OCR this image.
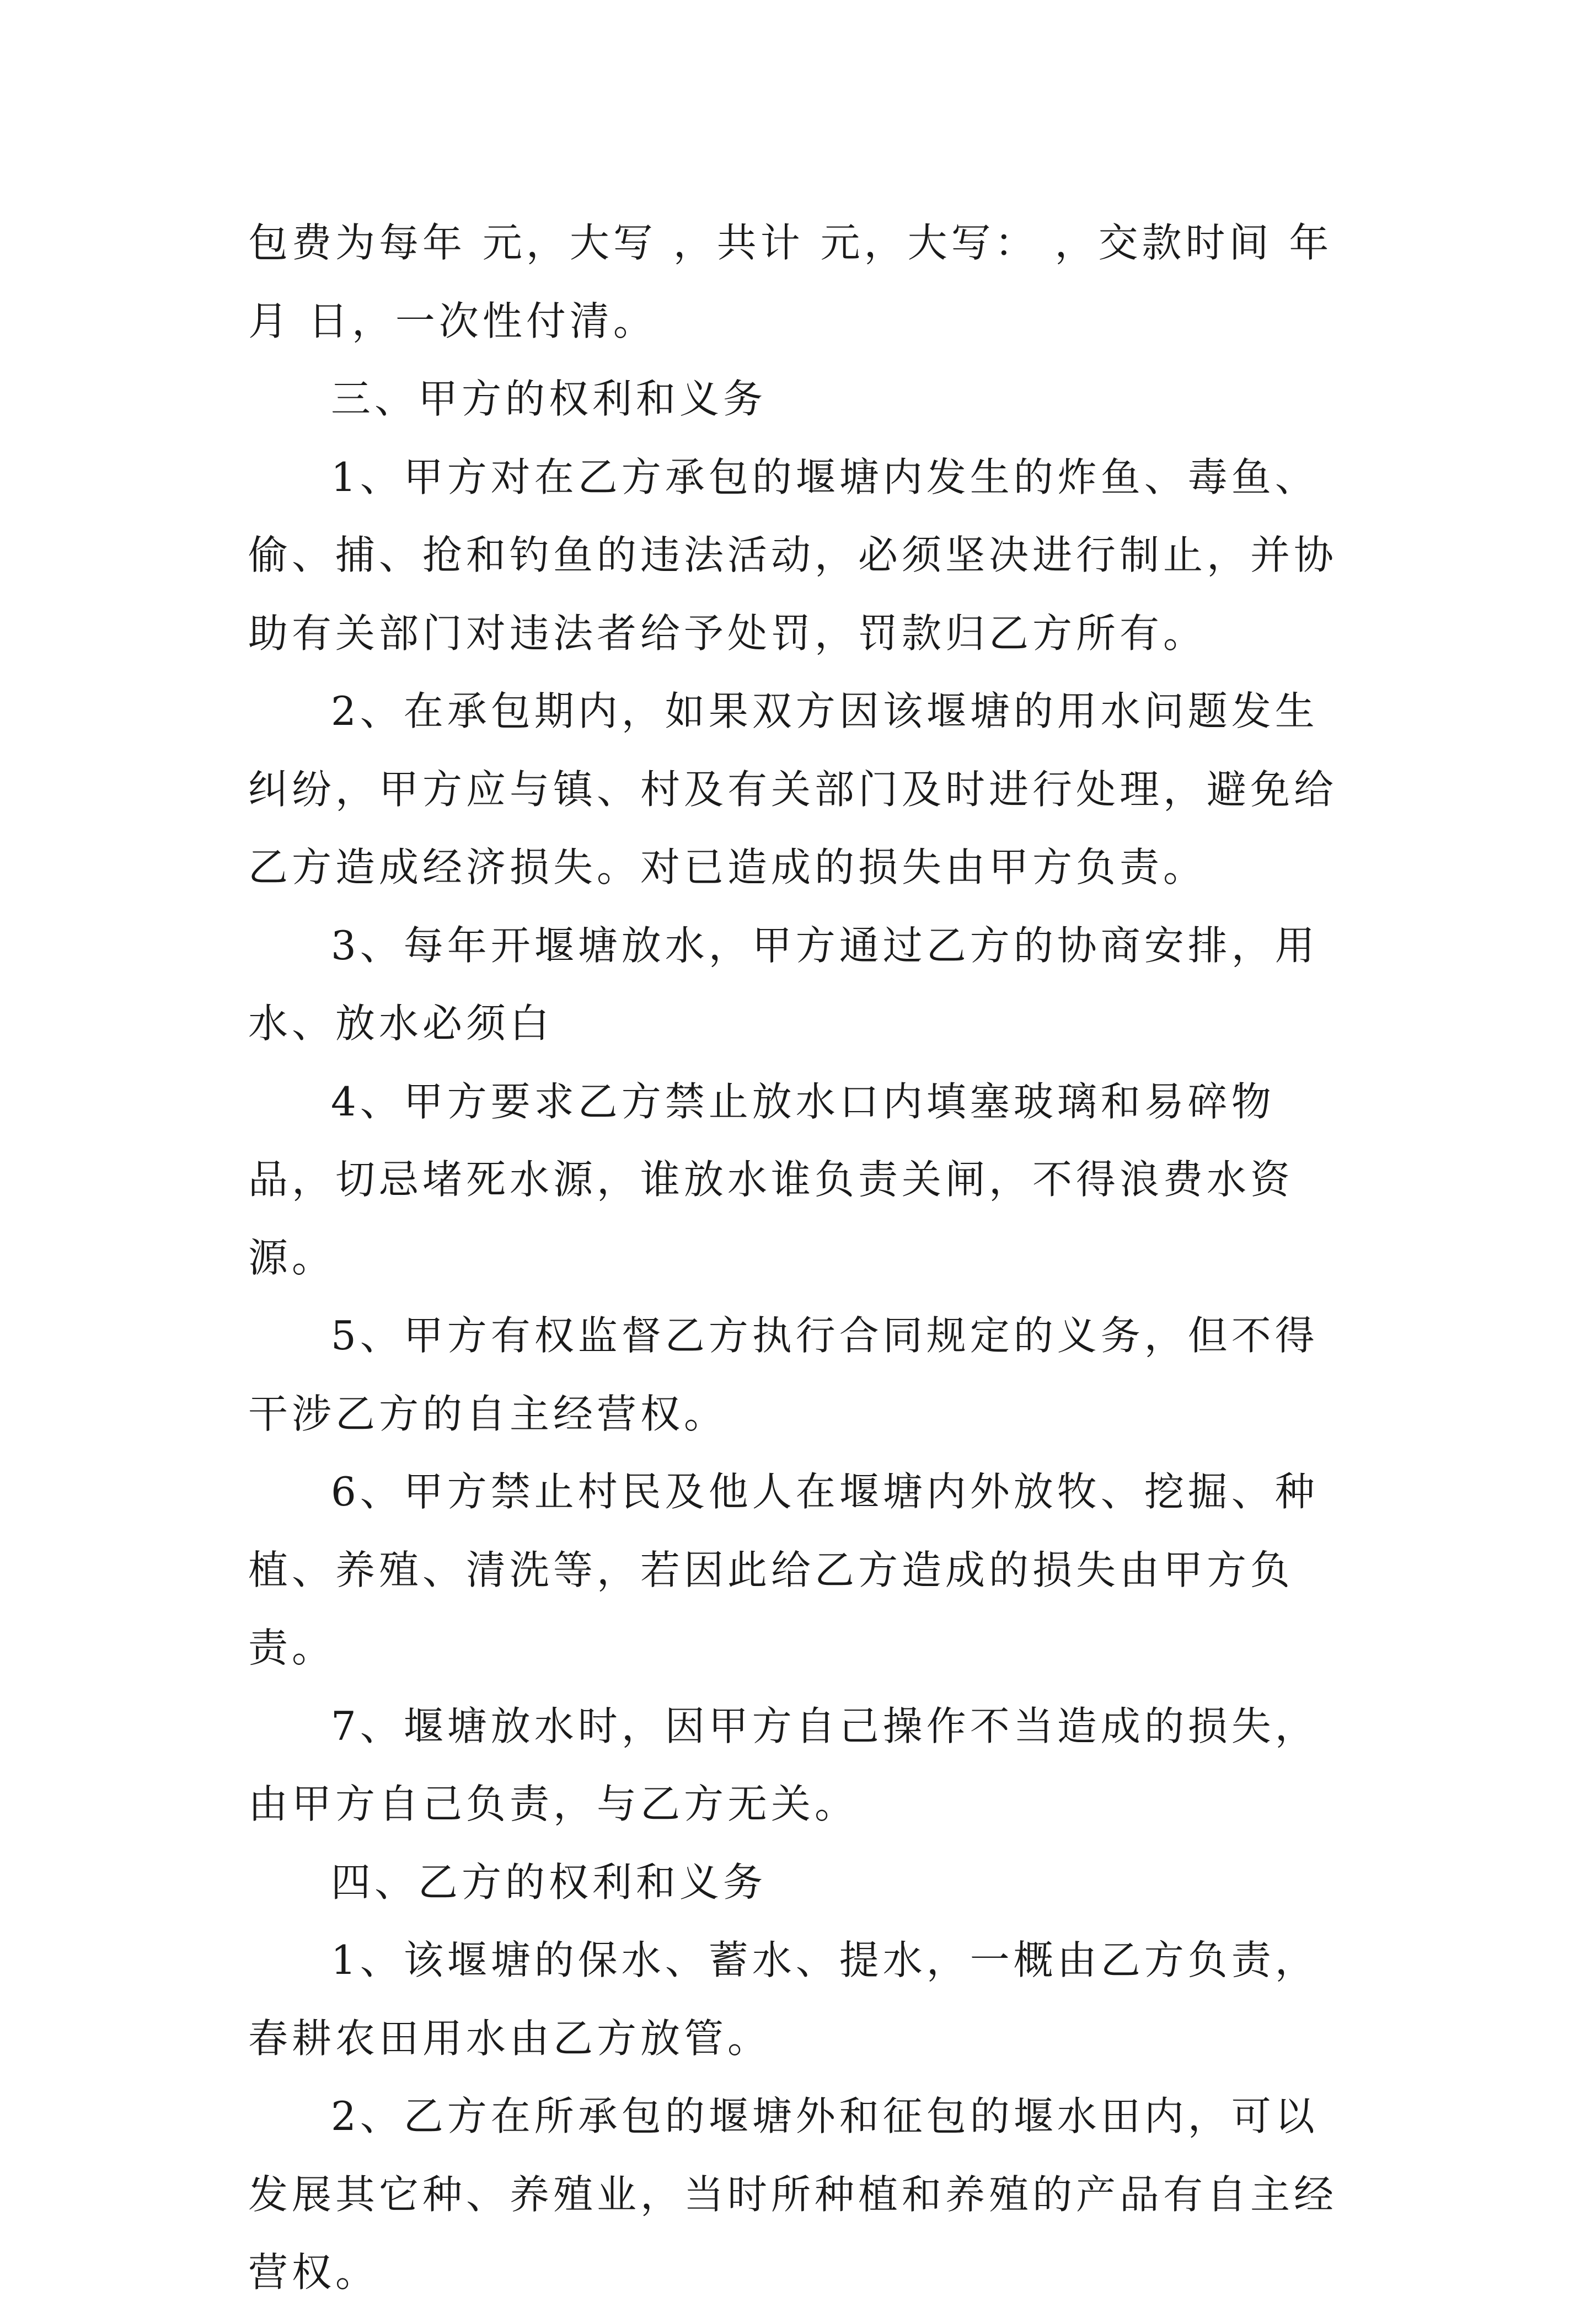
包费为每年 元，大写 ，共计 元，大写： ，交款时间 年月 日，一次性付清。

三、甲方的权利和义务

1、甲方对在乙方承包的堰塘内发生的炸鱼、毒鱼、偷、捕、抢和钓鱼的违法活动，必须坚决进行制止，并协助有关部门对违法者给予处罚，罚款归乙方所有。

2、在承包期内，如果双方因该堰塘的用水问题发生纠纷，甲方应与镇、村及有关部门及时进行处理，避免给乙方造成经济损失。对已造成的损失由甲方负责。

3、每年开堰塘放水，甲方通过乙方的协商安排，用水、放水必须白

4、甲方要求乙方禁止放水口内填塞玻璃和易碎物品，切忌堵死水源，谁放水谁负责关闸，不得浪费水资源。

5、甲方有权监督乙方执行合同规定的义务，但不得干涉乙方的自主经营权。

6、甲方禁止村民及他人在堰塘内外放牧、挖掘、种植、养殖、清洗等，若因此给乙方造成的损失由甲方负责。

7、堰塘放水时，因甲方自己操作不当造成的损失，由甲方自己负责，与乙方无关。

四、乙方的权利和义务

1、该堰塘的保水、蓄水、提水，一概由乙方负责，春耕农田用水由乙方放管。

2、乙方在所承包的堰塘外和征包的堰水田内，可以发展其它种、养殖业，当时所种植和养殖的产品有自主经营权。
